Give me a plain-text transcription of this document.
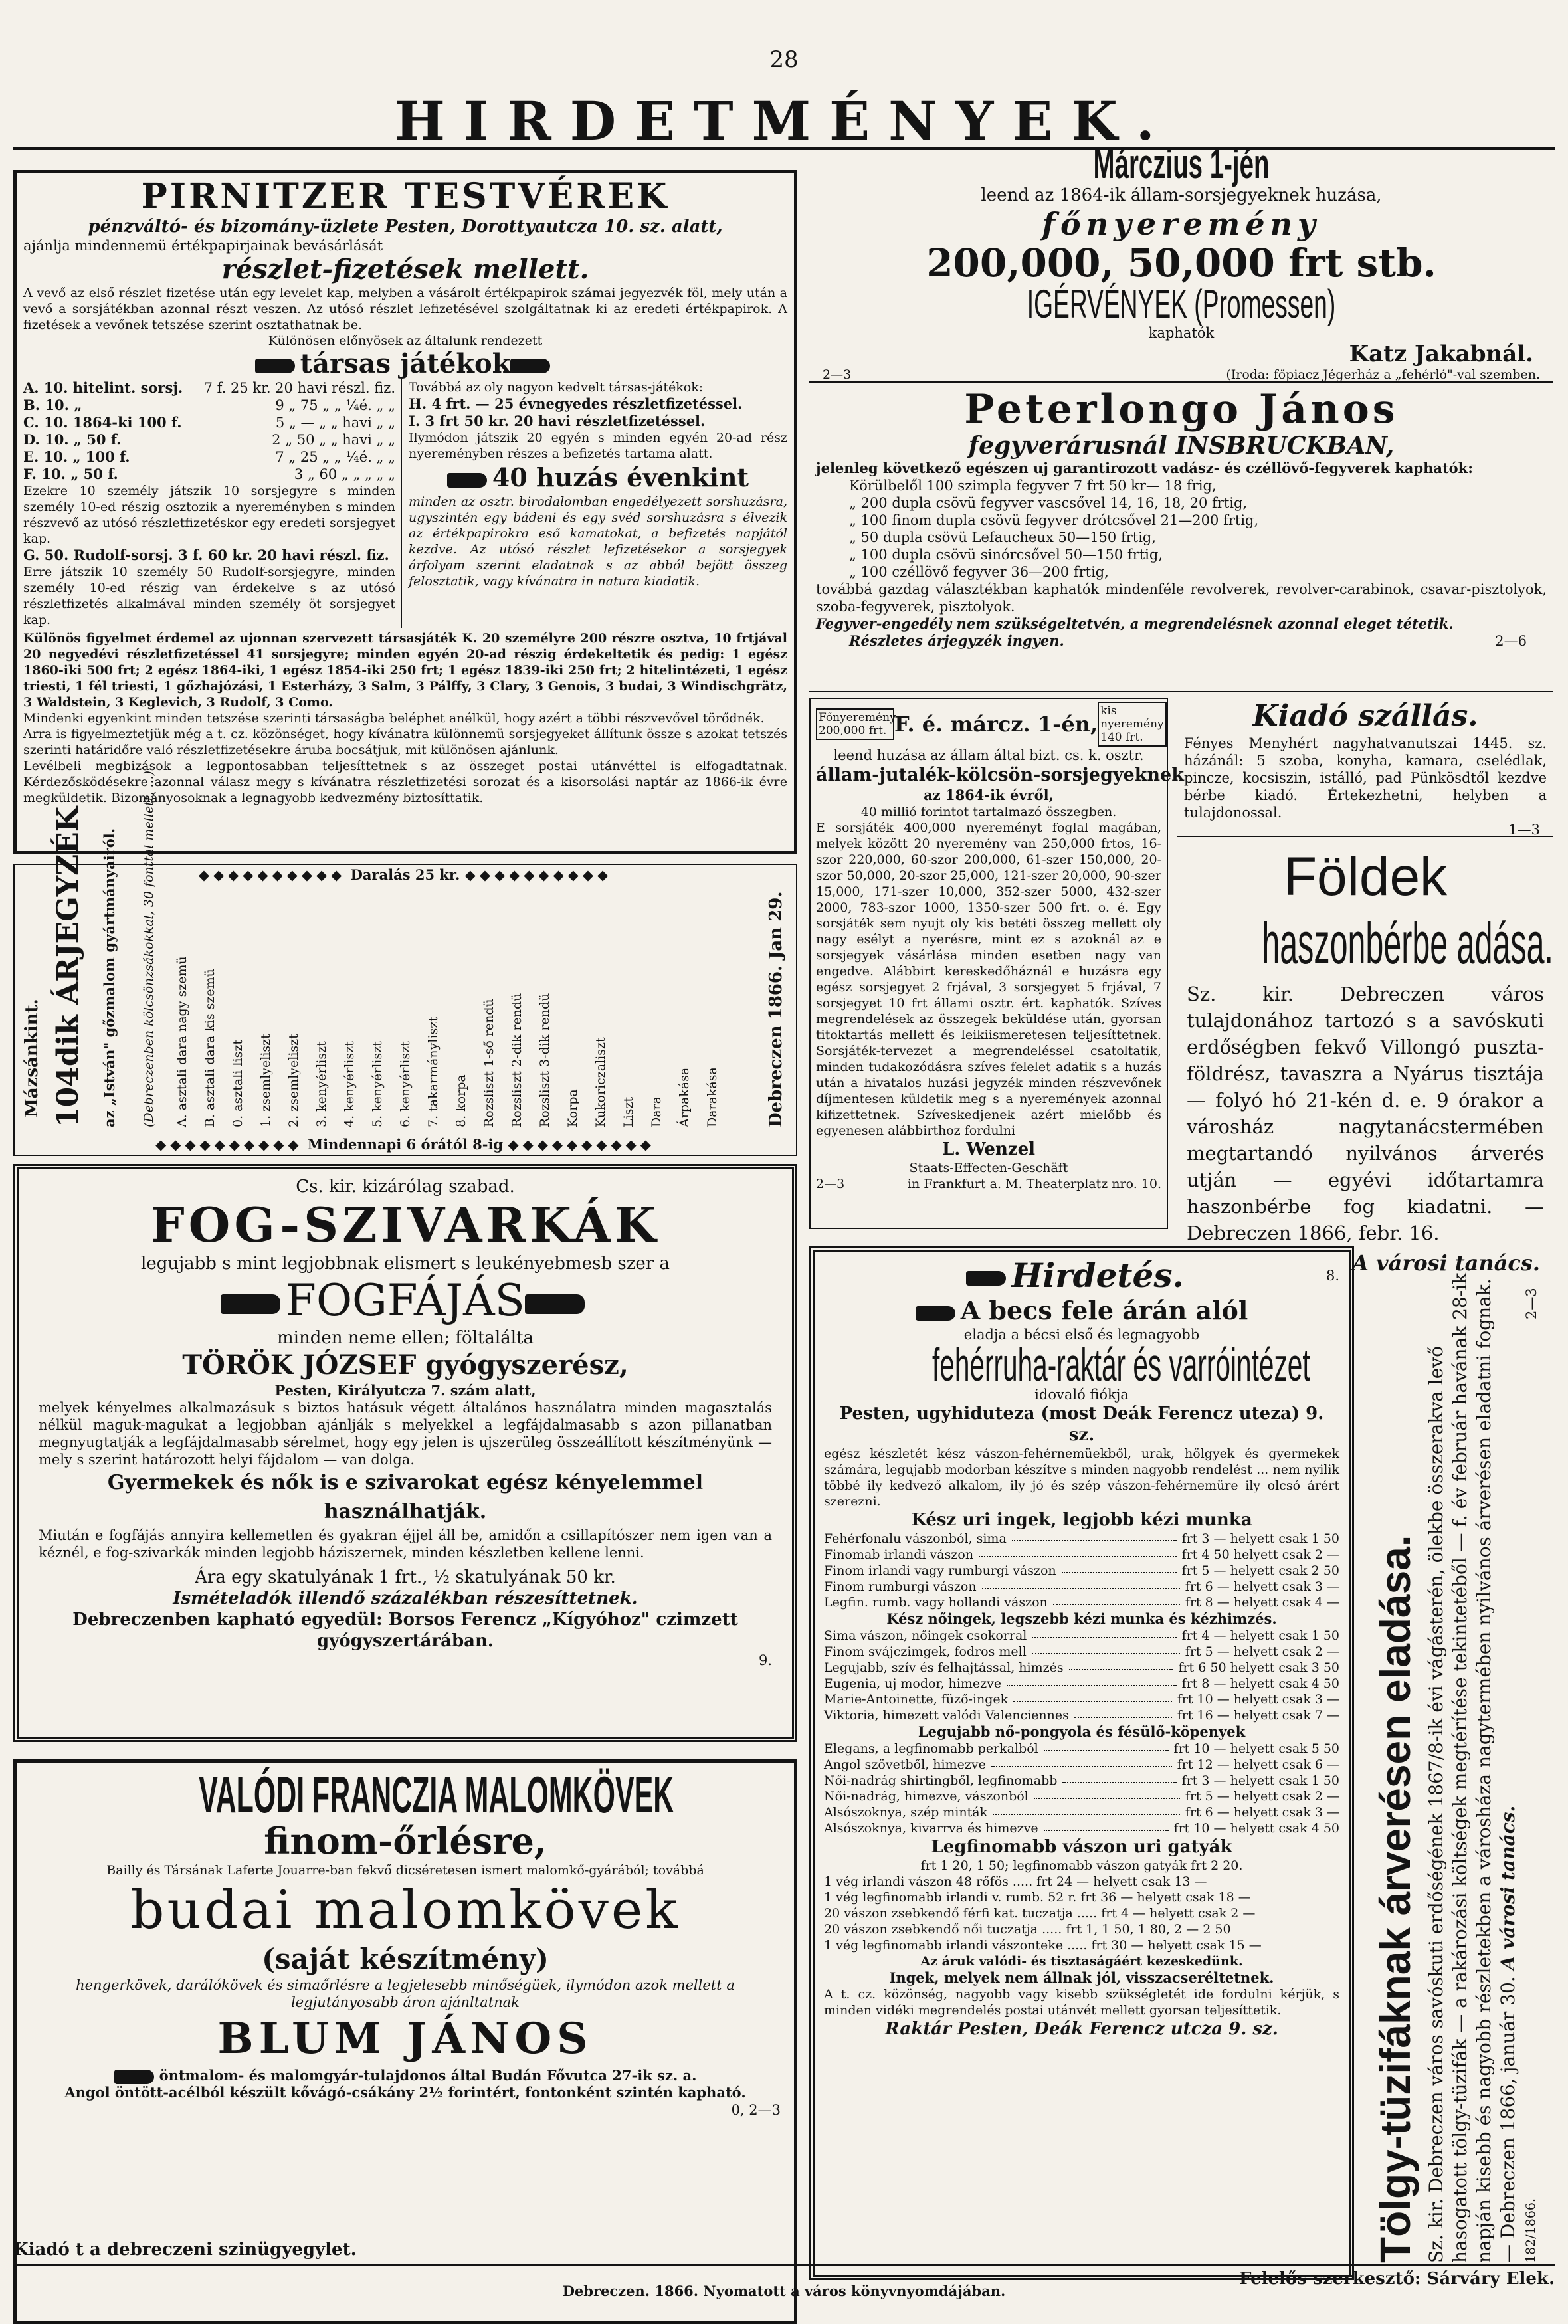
28
HIRDETMÉNYEK.
PIRNITZER TESTVÉREK
pénzváltó- és bizomány-üzlete Pesten, Dorottyautcza 10. sz. alatt,
ajánlja mindennemü értékpapirjainak bevásárlását
részlet-fizetések mellett.
A vevő az első részlet fizetése után egy levelet kap, melyben a vásárolt értékpapirok számai jegyezvék föl, mely után a vevő a sorsjátékban azonnal részt veszen. Az utósó részlet lefizetésével szolgáltatnak ki az eredeti értékpapirok. A fizetések a vevőnek tetszése szerint osztathatnak be.
Különösen előnyösek az általunk rendezett
társas játékok
A. 10. hitelint. sorsj. 7 f. 25 kr. 20 havi részl. fiz.
B. 10. „	9 „ 75 „ „ ¼é. „ „
C. 10. 1864-ki 100 f.	5 „ — „ „ havi „ „
D. 10. „ 50 f.	2 „ 50 „ „ havi „ „
E. 10. „ 100 f.	7 „ 25 „ „ ¼é. „ „
F. 10. „ 50 f.	3 „ 60 „ „ „ „ „
Ezekre 10 személy játszik 10 sorsjegyre s minden személy 10-ed részig osztozik a nyereményben s minden részvevő az utósó részletfizetéskor egy eredeti sorsjegyet kap.
G. 50. Rudolf-sorsj. 3 f. 60 kr. 20 havi részl. fiz.
Erre játszik 10 személy 50 Rudolf-sorsjegyre, minden személy 10-ed részig van érdekelve s az utósó részletfizetés alkalmával minden személy öt sorsjegyet kap.
Továbbá az oly nagyon kedvelt társas-játékok:
H. 4 frt. — 25 évnegyedes részletfizetéssel.
I. 3 frt 50 kr. 20 havi részletfizetéssel.
Ilymódon játszik 20 egyén s minden egyén 20-ad rész nyereményben részes a befizetés tartama alatt.
40 huzás évenkint
minden az osztr. birodalomban engedélyezett sorshuzásra, ugyszintén egy bádeni és egy svéd sorshuzásra s élvezik az értékpapirokra eső kamatokat, a befizetés napjától kezdve. Az utósó részlet lefizetésekor a sorsjegyek árfolyam szerint eladatnak s az abból bejött összeg felosztatik, vagy kívánatra in natura kiadatik.
Különös figyelmet érdemel az ujonnan szervezett társasjáték K. 20 személyre 200 részre osztva, 10 frtjával 20 negyedévi részletfizetéssel 41 sorsjegyre; minden egyén 20-ad részig érdekeltetik és pedig: 1 egész 1860-iki 500 frt; 2 egész 1864-iki, 1 egész 1854-iki 250 frt; 1 egész 1839-iki 250 frt; 2 hitelintézeti, 1 egész triesti, 1 fél triesti, 1 gőzhajózási, 1 Esterházy, 3 Salm, 3 Pálffy, 3 Clary, 3 Genois, 3 budai, 3 Windischgrätz, 3 Waldstein, 3 Keglevich, 3 Rudolf, 3 Como.
Mindenki egyenkint minden tetszése szerinti társaságba beléphet anélkül, hogy azért a többi részvevővel törődnék.
Arra is figyelmeztetjük még a t. cz. közönséget, hogy kívánatra különnemü sorsjegyeket állítunk össze s azokat tetszés szerinti határidőre való részletfizetésekre áruba bocsátjuk, mit különösen ajánlunk.
Levélbeli megbizások a legpontosabban teljesíttetnek s az összeget postai utánvéttel is elfogadtatnak. Kérdezősködésekre azonnal válasz megy s kívánatra részletfizetési sorozat és a kisorsolási naptár az 1866-ik évre megküldetik. Bizományosoknak a legnagyobb kedvezmény biztosíttatik.
Márczius 1-jén
leend az 1864-ik állam-sorsjegyeknek huzása,
főnyeremény
200,000, 50,000 frt stb.
IGÉRVÉNYEK (Promessen)
kaphatók
Katz Jakabnál.
2—3	(Iroda: főpiacz Jégerház a „fehérló"-val szemben.
Peterlongo János
fegyverárusnál INSBRUCKBAN,
jelenleg következő egészen uj garantirozott vadász- és czéllövő-fegyverek kaphatók:
Körülbelől 100 szimpla fegyver 7 frt 50 kr— 18 frig,
„ 200 dupla csövü fegyver vascsővel 14, 16, 18, 20 frtig,
„ 100 finom dupla csövü fegyver drótcsővel 21—200 frtig,
„ 50 dupla csövü Lefaucheux 50—150 frtig,
„ 100 dupla csövü sinórcsővel 50—150 frtig,
„ 100 czéllövő fegyver 36—200 frtig,
továbbá gazdag választékban kaphatók mindenféle revolverek, revolver-carabinok, csavar-pisztolyok, szoba-fegyverek, pisztolyok.
Fegyver-engedély nem szükségeltetvén, a megrendelésnek azonnal eleget tétetik.
Részletes árjegyzék ingyen.	2—6
◆◆◆◆◆◆◆◆◆◆ Daralás 25 kr. ◆◆◆◆◆◆◆◆◆◆
◆◆◆◆◆◆◆◆◆◆ Mindennapi 6 órától 8-ig ◆◆◆◆◆◆◆◆◆◆
Mázsánkint. 104dik ÁRJEGYZÉK az „István" gőzmalom gyártmányairól. (Debreczenben kölcsönzsákokkal, 30 fonttal mellett, ...) A. asztali dara nagy szemü B. asztali dara kis szemü 0. asztali liszt 1. zsemlyeliszt 2. zsemlyeliszt 3. kenyérliszt 4. kenyérliszt 5. kenyérliszt 6. kenyérliszt 7. takarmányliszt 8. korpa Rozsliszt 1-ső rendü Rozsliszt 2-dik rendü Rozsliszt 3-dik rendü Korpa Kukoriczaliszt Liszt Dara Árpakása Darakása	Debreczen 1866. Jan 29.
Főnyeremény 200,000 frt. F. é. márcz. 1-én,
kis nyeremény 140 frt.
leend huzása az állam által bizt. cs. k. osztr.
állam-jutalék-kölcsön-sorsjegyeknek
az 1864-ik évről,
40 millió forintot tartalmazó összegben.
E sorsjáték 400,000 nyereményt foglal magában, melyek között 20 nyeremény van 250,000 frtos, 16-szor 220,000, 60-szor 200,000, 61-szer 150,000, 20-szor 50,000, 20-szor 25,000, 121-szer 20,000, 90-szer 15,000, 171-szer 10,000, 352-szer 5000, 432-szer 2000, 783-szor 1000, 1350-szer 500 frt. o. é. Egy sorsjáték sem nyujt oly kis betéti összeg mellett oly nagy esélyt a nyerésre, mint ez s azoknál az e sorsjegyek vásárlása minden esetben nagy van engedve. Alábbirt kereskedőháznál e huzásra egy egész sorsjegyet 2 frjával, 3 sorsjegyet 5 frjával, 7 sorsjegyet 10 frt állami osztr. ért. kaphatók. Szíves megrendelések az összegek beküldése után, gyorsan titoktartás mellett és leikiismeretesen teljesíttetnek. Sorsjáték-tervezet a megrendeléssel csatoltatik, minden tudakozódásra szíves felelet adatik s a huzás után a hivatalos huzási jegyzék minden részvevőnek díjmentesen küldetik meg s a nyeremények azonnal kifizettetnek. Szíveskedjenek azért mielőbb és egyenesen alábbirthoz fordulni
L. Wenzel
Staats-Effecten-Geschäft
2—3	in Frankfurt a. M. Theaterplatz nro. 10.
Kiadó szállás.
Fényes Menyhért nagyhatvanutszai 1445. sz. házánál: 5 szoba, konyha, kamara, cselédlak, pincze, kocsiszin, istálló, pad Pünkösdtől kezdve bérbe kiadó. Értekezhetni, helyben a tulajdonossal.
1—3
Földek
haszonbérbe adása.
Sz. kir. Debreczen város tulajdonához tartozó s a savóskuti erdőségben fekvő Villongó puszta-földrész, tavaszra a Nyárus tisztája — folyó hó 21-kén d. e. 9 órakor a városház nagytanácstermében megtartandó nyilvános árverés utján — egyévi időtartamra haszonbérbe fog kiadatni. — Debreczen 1866, febr. 16.
A városi tanács.
Cs. kir. kizárólag szabad.
FOG-SZIVARKÁK
legujabb s mint legjobbnak elismert s leukényebmesb szer a
FOGFÁJÁS
minden neme ellen; föltalálta
TÖRÖK JÓZSEF gyógyszerész,
Pesten, Királyutcza 7. szám alatt,
melyek kényelmes alkalmazásuk s biztos hatásuk végett általános használatra minden magasztalás nélkül maguk-magukat a legjobban ajánlják s melyekkel a legfájdalmasabb s azon pillanatban megnyugtatják a legfájdalmasabb sérelmet, hogy egy jelen is ujszerüleg összeállított készítményünk — mely s szerint határozott helyi fájdalom — van dolga.
Gyermekek és nők is e szivarokat egész kényelemmel használhatják.
Miután e fogfájás annyira kellemetlen és gyakran éjjel áll be, amidőn a csillapítószer nem igen van a kéznél, e fog-szivarkák minden legjobb háziszernek, minden készletben kellene lenni.
Ára egy skatulyának 1 frt., ½ skatulyának 50 kr.
Ismételadók illendő százalékban részesíttetnek.
Debreczenben kapható egyedül: Borsos Ferencz „Kígyóhoz" czimzett gyógyszertárában.
9.
VALÓDI FRANCZIA MALOMKÖVEK
finom-őrlésre,
Bailly és Társának Laferte Jouarre-ban fekvő dicséretesen ismert malomkő-gyárából; továbbá
budai malomkövek
(saját készítmény)
hengerkövek, darálókövek és simaőrlésre a legjelesebb minőségüek, ilymódon azok mellett a legjutányosabb áron ajánltatnak
BLUM JÁNOS
öntmalom- és malomgyár-tulajdonos által Budán Fővutca 27-ik sz. a.
Angol öntött-acélból készült kővágó-csákány 2½ forintért, fontonként szintén kapható.
0, 2—3
Hirdetés.	8.
A becs fele árán alól
eladja a bécsi első és legnagyobb
fehérruha-raktár és varróintézet
idovaló fiókja
Pesten, ugyhiduteza (most Deák Ferencz uteza) 9. sz.
egész készletét kész vászon-fehérnemüekből, urak, hölgyek és gyermekek számára, legujabb modorban készítve s minden nagyobb rendelést ... nem nyilik többé ily kedvező alkalom, ily jó és szép vászon-fehérnemüre ily olcsó árért szerezni.
Kész uri ingek, legjobb kézi munka
Fehérfonalu vászonból, sima	frt 3 — helyett csak 1 50
Finomab irlandi vászon	frt 4 50 helyett csak 2 —
Finom irlandi vagy rumburgi vászon	frt 5 — helyett csak 2 50
Finom rumburgi vászon	frt 6 — helyett csak 3 —
Legfin. rumb. vagy hollandi vászon	frt 8 — helyett csak 4 —
Kész nőingek, legszebb kézi munka és kézhimzés.
Sima vászon, nőingek csokorral	frt 4 — helyett csak 1 50
Finom svájczimgek, fodros mell	frt 5 — helyett csak 2 —
Legujabb, szív és felhajtással, himzés	frt 6 50 helyett csak 3 50
Eugenia, uj modor, himezve	frt 8 — helyett csak 4 50
Marie-Antoinette, füző-ingek	frt 10 — helyett csak 3 —
Viktoria, himezett valódi Valenciennes	frt 16 — helyett csak 7 —
Legujabb nő-pongyola és fésülő-köpenyek
Elegans, a legfinomabb perkalból	frt 10 — helyett csak 5 50
Angol szövetből, himezve	frt 12 — helyett csak 6 —
Női-nadrág shirtingből, legfinomabb	frt 3 — helyett csak 1 50
Női-nadrág, himezve, vászonból	frt 5 — helyett csak 2 —
Alsószoknya, szép minták	frt 6 — helyett csak 3 —
Alsószoknya, kivarrva és himezve	frt 10 — helyett csak 4 50
Legfinomabb vászon uri gatyák
frt 1 20, 1 50; legfinomabb vászon gatyák frt 2 20.
1 vég irlandi vászon 48 rőfös ..... frt 24 — helyett csak 13 —
1 vég legfinomabb irlandi v. rumb. 52 r. frt 36 — helyett csak 18 —
20 vászon zsebkendő férfi kat. tuczatja ..... frt 4 — helyett csak 2 —
20 vászon zsebkendő női tuczatja ..... frt 1, 1 50, 1 80, 2 — 2 50
1 vég legfinomabb irlandi vászonteke ..... frt 30 — helyett csak 15 —
Az áruk valódi- és tisztaságáért kezeskedünk.
Ingek, melyek nem állnak jól, visszacseréltetnek.
A t. cz. közönség, nagyobb vagy kisebb szükségletét ide fordulni kérjük, s minden vidéki megrendelés postai utánvét mellett gyorsan teljesíttetik.
Raktár Pesten, Deák Ferencz utcza 9. sz.	Tölgy-tüzifáknak árverésen eladása. Sz. kir. Debreczen város savóskuti erdőségének 1867/8-ik évi vágásterén, ölekbe összerakva levő hasogatott tölgy-tüzifák — a rakározási költségek megtérítése tekintetéből — f. év február havának 28-ik napján kisebb és nagyobb részletekben a városháza nagytermében nyilvános árverésen eladatni fognak. — Debreczen 1866, január 30. A városi tanács.
2—3
182/1866.
Kiadó t a debreczeni szinügyegylet.
Felelős szerkesztő: Sárváry Elek.
Debreczen. 1866. Nyomatott a város könyvnyomdájában.
